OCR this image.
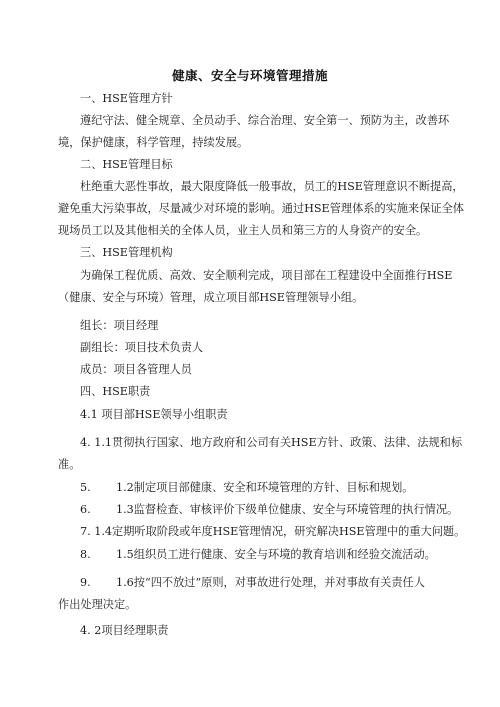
健康、安全与环境管理措施
一、HSE管理方针
遵纪守法、健全规章、全员动手、综合治理、安全第一、预防为主，改善环
境，保护健康，科学管理，持续发展。
二、HSE管理目标
杜绝重大恶性事故，最大限度降低一般事故，员工的HSE管理意识不断提高，
避免重大污染事故，尽量减少对环境的影响。通过HSE管理体系的实施来保证全体
现场员工以及其他相关的全体人员，业主人员和第三方的人身资产的安全。
三、HSE管理机构
为确保工程优质、高效、安全顺利完成，项目部在工程建设中全面推行HSE
（健康、安全与环境）管理，成立项目部HSE管理领导小组。
组长：项目经理
副组长：项目技术负责人
成员：项目各管理人员
四、HSE职责
4.1 项目部HSE领导小组职责
4. 1.1贯彻执行国家、地方政府和公司有关HSE方针、政策、法律、法规和标
准。
5. 1.2制定项目部健康、安全和环境管理的方针、目标和规划。
6. 1.3监督检查、审核评价下级单位健康、安全与环境管理的执行情况。
7. 1.4定期听取阶段或年度HSE管理情况，研究解决HSE管理中的重大问题。
8. 1.5组织员工进行健康、安全与环境的教育培训和经验交流活动。
9. 1.6按“四不放过”原则，对事故进行处理，并对事故有关责任人
作出处理决定。
4. 2项目经理职责
